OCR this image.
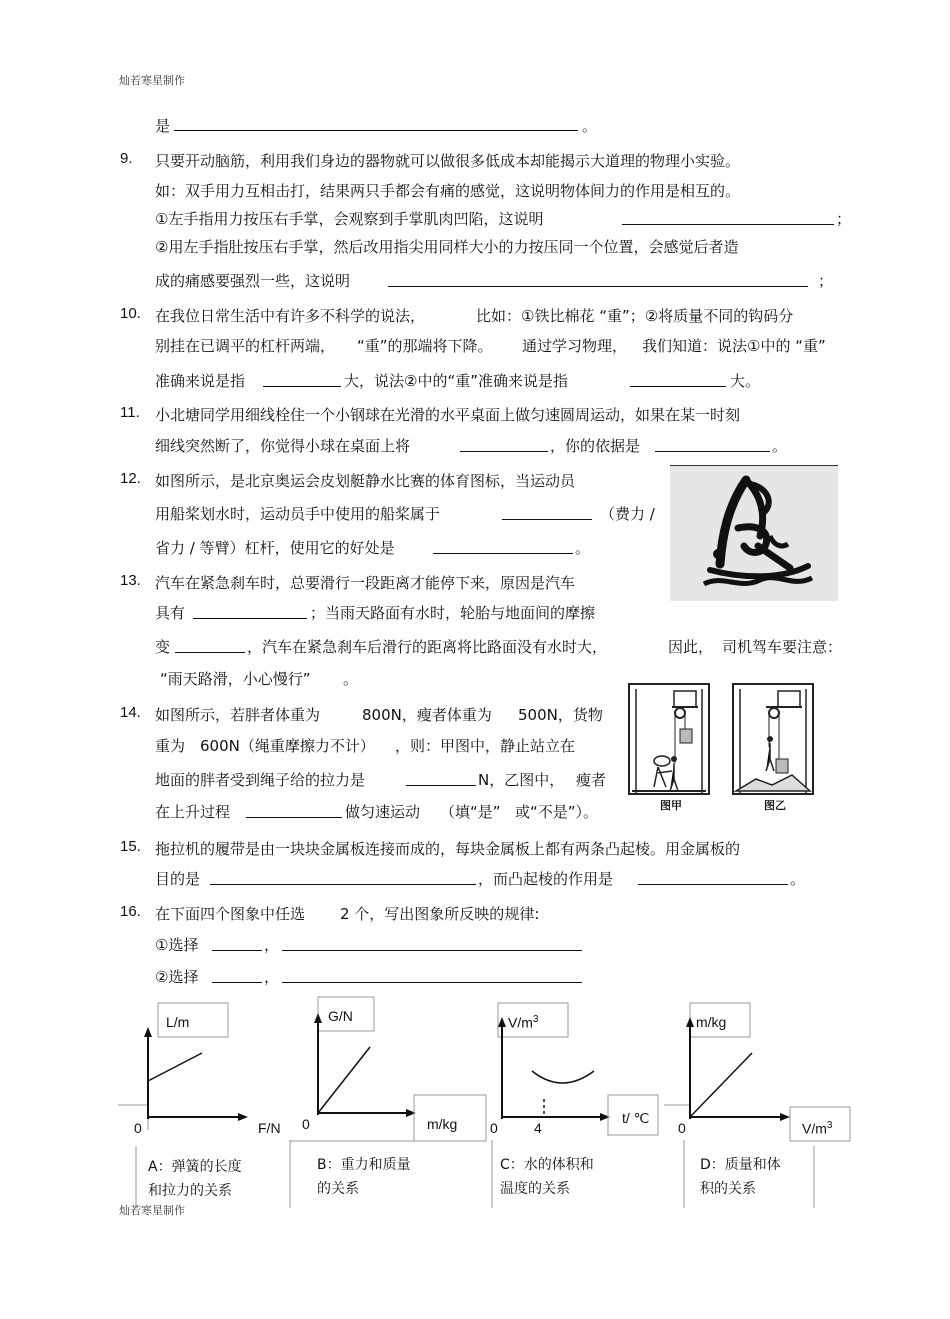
灿若寒星制作
是	。
9. 只要开动脑筋，利用我们身边的器物就可以做很多低成本却能揭示大道理的物理小实验。
如：双手用力互相击打，结果两只手都会有痛的感觉，这说明物体间力的作用是相互的。
①左手指用力按压右手掌，会观察到手掌肌肉凹陷，这说明	；
②用左手指肚按压右手掌，然后改用指尖用同样大小的力按压同一个位置，会感觉后者造
成的痛感要强烈一些，这说明	；
10. 在我位日常生活中有许多不科学的说法，	比如：①铁比棉花 “重”；②将质量不同的钩码分
别挂在已调平的杠杆两端， “重”的那端将下降。 通过学习物理， 我们知道：说法①中的 “重”
准确来说是指	大，说法②中的“重”准确来说是指	大。
11. 小北塘同学用细线栓住一个小钢球在光滑的水平桌面上做匀速圆周运动，如果在某一时刻
细线突然断了，你觉得小球在桌面上将	，你的依据是	。
12. 如图所示，是北京奥运会皮划艇静水比赛的体育图标，当运动员
用船桨划水时，运动员手中使用的船桨属于	（费力 /
省力 / 等臂）杠杆，使用它的好处是	。
13. 汽车在紧急刹车时，总要滑行一段距离才能停下来，原因是汽车
具有	；当雨天路面有水时，轮胎与地面间的摩擦
变	，汽车在紧急刹车后滑行的距离将比路面没有水时大，	因此， 司机驾车要注意：
“雨天路滑，小心慢行” 。
14. 如图所示，若胖者体重为	800N，瘦者体重为 500N，货物
重为 600N（绳重摩擦力不计） ，则：甲图中，静止站立在
地面的胖者受到绳子给的拉力是	N，乙图中， 瘦者
在上升过程	做匀速运动 （填“是” 或“不是”）。	图甲	图乙
15. 拖拉机的履带是由一块块金属板连接而成的，每块金属板上都有两条凸起棱。用金属板的
目的是	，而凸起棱的作用是	。
16. 在下面四个图象中任选 2 个，写出图象所反映的规律:
①选择	，
②选择	，
L/m
0	F/N
G/N
0	m/kg
$V/m^3$
0	4
t/ ℃
m/kg
0	$V/m^3$
A：弹簧的长度
和拉力的关系
B：重力和质量
的关系
C：水的体积和
温度的关系
D：质量和体
积的关系
灿若寒星制作
